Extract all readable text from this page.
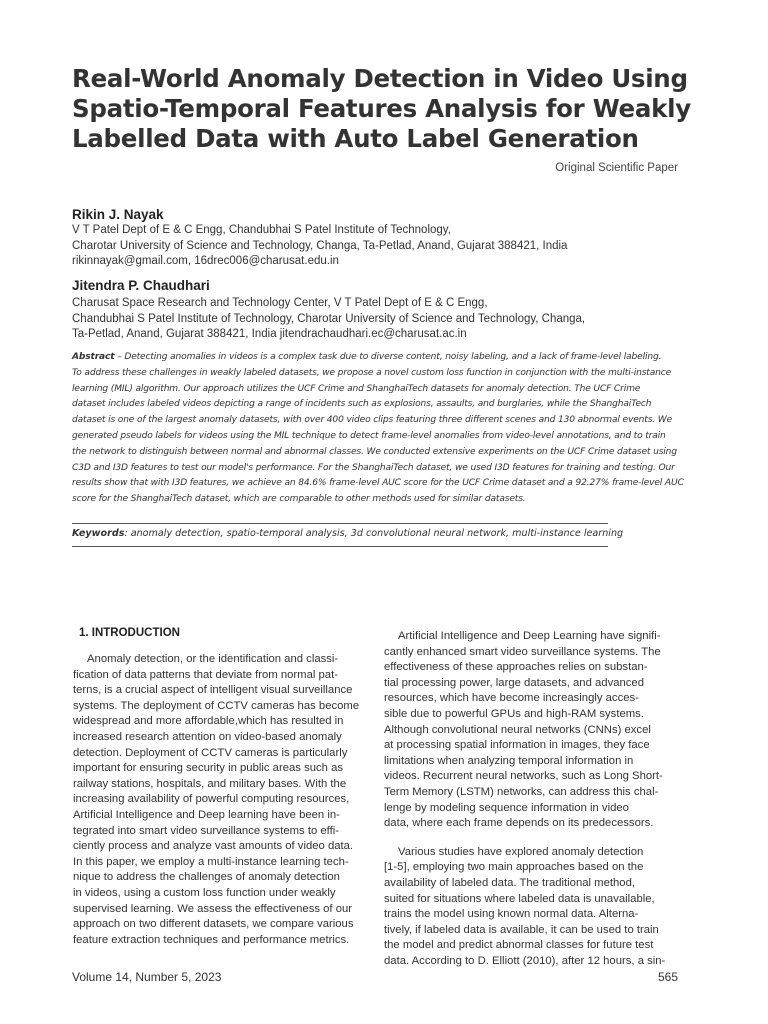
Real-World Anomaly Detection in Video Using
Spatio-Temporal Features Analysis for Weakly
Labelled Data with Auto Label Generation
Original Scientific Paper
Rikin J. Nayak
V T Patel Dept of E & C Engg, Chandubhai S Patel Institute of Technology,
Charotar University of Science and Technology, Changa, Ta-Petlad, Anand, Gujarat 388421, India
rikinnayak@gmail.com, 16drec006@charusat.edu.in
Jitendra P. Chaudhari
Charusat Space Research and Technology Center, V T Patel Dept of E & C Engg,
Chandubhai S Patel Institute of Technology, Charotar University of Science and Technology, Changa,
Ta-Petlad, Anand, Gujarat 388421, India jitendrachaudhari.ec@charusat.ac.in
Abstract – Detecting anomalies in videos is a complex task due to diverse content, noisy labeling, and a lack of frame-level labeling.
To address these challenges in weakly labeled datasets, we propose a novel custom loss function in conjunction with the multi-instance
learning (MIL) algorithm. Our approach utilizes the UCF Crime and ShanghaiTech datasets for anomaly detection. The UCF Crime
dataset includes labeled videos depicting a range of incidents such as explosions, assaults, and burglaries, while the ShanghaiTech
dataset is one of the largest anomaly datasets, with over 400 video clips featuring three different scenes and 130 abnormal events. We
generated pseudo labels for videos using the MIL technique to detect frame-level anomalies from video-level annotations, and to train
the network to distinguish between normal and abnormal classes. We conducted extensive experiments on the UCF Crime dataset using
C3D and I3D features to test our model's performance. For the ShanghaiTech dataset, we used I3D features for training and testing. Our
results show that with I3D features, we achieve an 84.6% frame-level AUC score for the UCF Crime dataset and a 92.27% frame-level AUC
score for the ShanghaiTech dataset, which are comparable to other methods used for similar datasets.
Keywords: anomaly detection, spatio-temporal analysis, 3d convolutional neural network, multi-instance learning
1. INTRODUCTION
Anomaly detection, or the identification and classi-
fication of data patterns that deviate from normal pat-
terns, is a crucial aspect of intelligent visual surveillance
systems. The deployment of CCTV cameras has become
widespread and more affordable,which has resulted in
increased research attention on video-based anomaly
detection. Deployment of CCTV cameras is particularly
important for ensuring security in public areas such as
railway stations, hospitals, and military bases. With the
increasing availability of powerful computing resources,
Artificial Intelligence and Deep learning have been in-
tegrated into smart video surveillance systems to effi-
ciently process and analyze vast amounts of video data.
In this paper, we employ a multi-instance learning tech-
nique to address the challenges of anomaly detection
in videos, using a custom loss function under weakly
supervised learning. We assess the effectiveness of our
approach on two different datasets, we compare various
feature extraction techniques and performance metrics.
Artificial Intelligence and Deep Learning have signifi-
cantly enhanced smart video surveillance systems. The
effectiveness of these approaches relies on substan-
tial processing power, large datasets, and advanced
resources, which have become increasingly acces-
sible due to powerful GPUs and high-RAM systems.
Although convolutional neural networks (CNNs) excel
at processing spatial information in images, they face
limitations when analyzing temporal information in
videos. Recurrent neural networks, such as Long Short-
Term Memory (LSTM) networks, can address this chal-
lenge by modeling sequence information in video
data, where each frame depends on its predecessors.
Various studies have explored anomaly detection
[1-5], employing two main approaches based on the
availability of labeled data. The traditional method,
suited for situations where labeled data is unavailable,
trains the model using known normal data. Alterna-
tively, if labeled data is available, it can be used to train
the model and predict abnormal classes for future test
data. According to D. Elliott (2010), after 12 hours, a sin-
Volume 14, Number 5, 2023	565
